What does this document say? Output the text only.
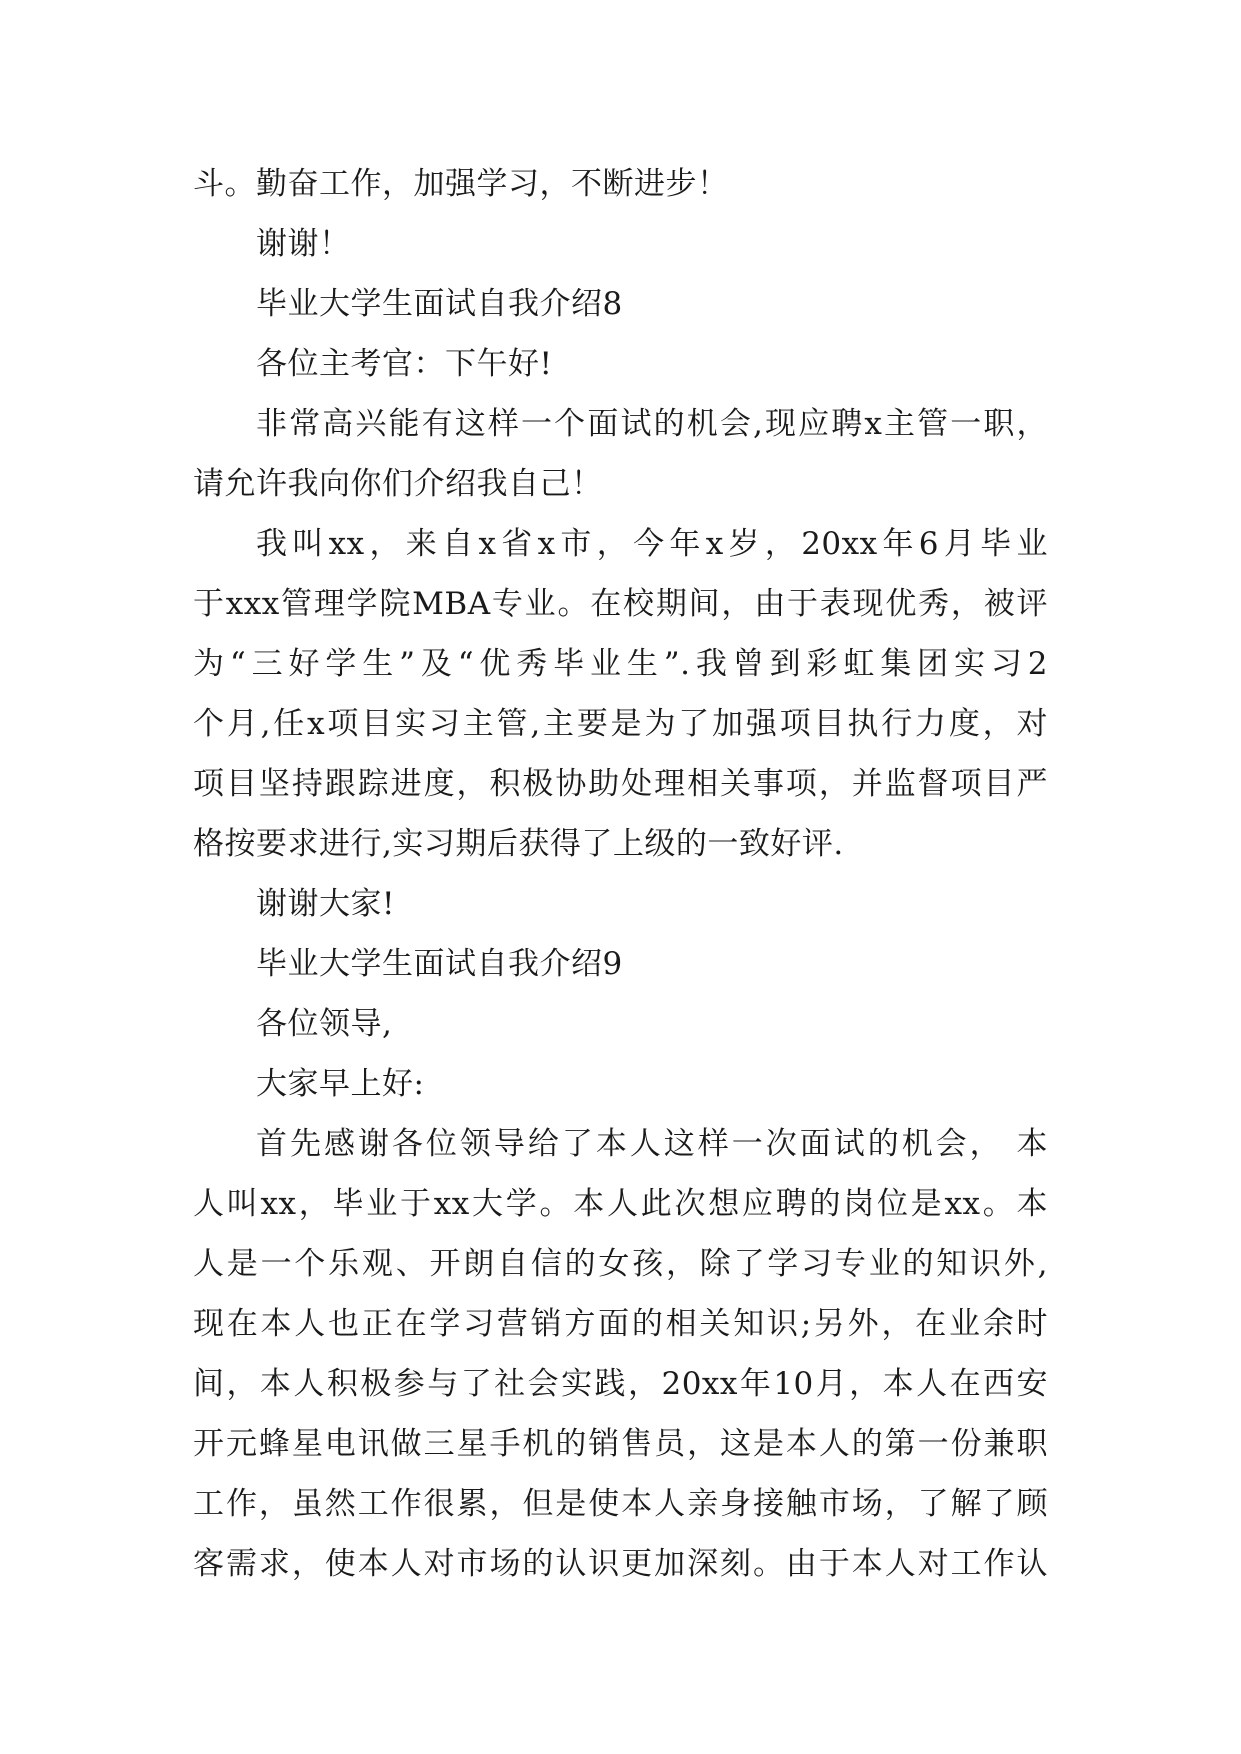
斗。勤奋工作，加强学习，不断进步！
谢谢！
毕业大学生面试自我介绍8
各位主考官：下午好!
非常高兴能有这样一个面试的机会,现应聘x主管一职，
请允许我向你们介绍我自己！
我叫xx，来自x省x市，今年x岁，20xx年6月毕业
于xxx管理学院MBA专业。在校期间，由于表现优秀，被评
为“三好学生”及“优秀毕业生”.我曾到彩虹集团实习2
个月,任x项目实习主管,主要是为了加强项目执行力度，对
项目坚持跟踪进度，积极协助处理相关事项，并监督项目严
格按要求进行,实习期后获得了上级的一致好评.
谢谢大家!
毕业大学生面试自我介绍9
各位领导,
大家早上好:
首先感谢各位领导给了本人这样一次面试的机会， 本
人叫xx，毕业于xx大学。本人此次想应聘的岗位是xx。本
人是一个乐观、开朗自信的女孩，除了学习专业的知识外,
现在本人也正在学习营销方面的相关知识;另外，在业余时
间，本人积极参与了社会实践，20xx年10月，本人在西安
开元蜂星电讯做三星手机的销售员，这是本人的第一份兼职
工作，虽然工作很累，但是使本人亲身接触市场，了解了顾
客需求，使本人对市场的认识更加深刻。由于本人对工作认
